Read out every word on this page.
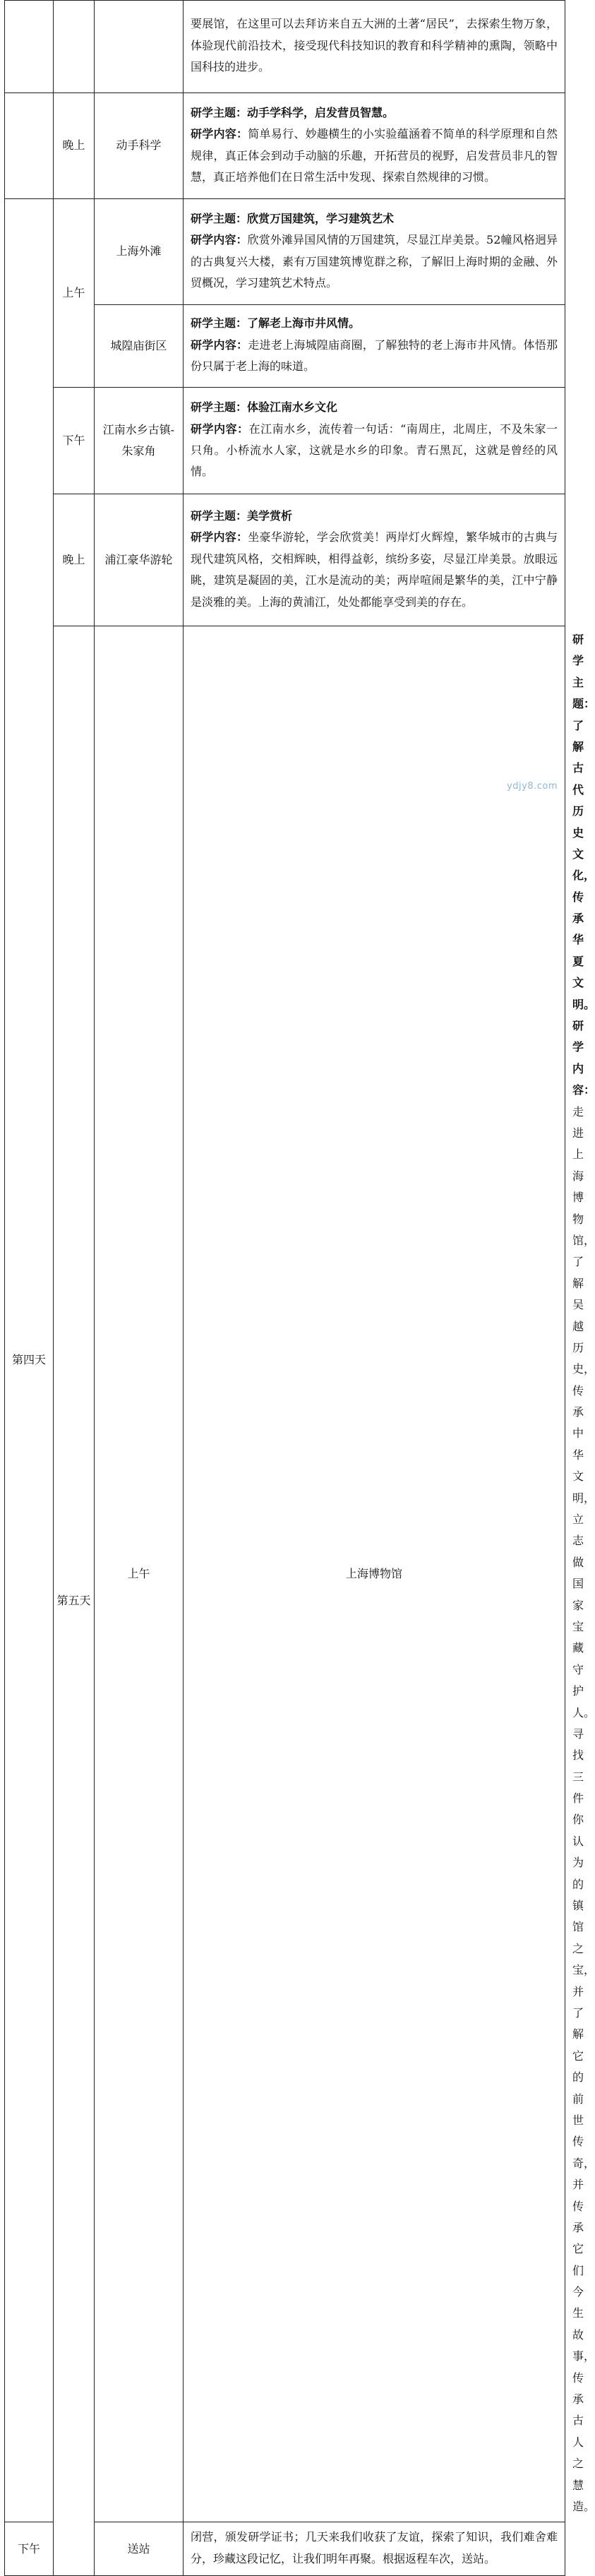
			要展馆，在这里可以去拜访来自五大洲的土著“居民”，去探索生物万象，体验现代前沿技术，接受现代科技知识的教育和科学精神的熏陶，领略中国科技的进步。	

	晚上	动手科学	研学主题：动手学科学，启发营员智慧。
研学内容：简单易行、妙趣横生的小实验蕴涵着不简单的科学原理和自然规律，真正体会到动手动脑的乐趣，开拓营员的视野，启发营员非凡的智慧，真正培养他们在日常生活中发现、探索自然规律的习惯。	

第四天	上午	上海外滩	研学主题：欣赏万国建筑，学习建筑艺术
研学内容：欣赏外滩异国风情的万国建筑，尽显江岸美景。52幢风格迥异的古典复兴大楼，素有万国建筑博览群之称，了解旧上海时期的金融、外贸概况，学习建筑艺术特点。	

		城隍庙街区	研学主题：了解老上海市井风情。
研学内容：走进老上海城隍庙商圈，了解独特的老上海市井风情。体悟那份只属于老上海的味道。	

	下午	江南水乡古镇-朱家角	研学主题：体验江南水乡文化
研学内容：在江南水乡，流传着一句话：“南周庄，北周庄，不及朱家一只角。小桥流水人家，这就是水乡的印象。青石黑瓦，这就是曾经的风情。	

	晚上	浦江豪华游轮	研学主题：美学赏析
研学内容：坐豪华游轮，学会欣赏美！两岸灯火辉煌，繁华城市的古典与现代建筑风格，交相辉映，相得益彰，缤纷多姿，尽显江岸美景。放眼远眺，建筑是凝固的美，江水是流动的美；两岸喧闹是繁华的美，江中宁静是淡雅的美。上海的黄浦江，处处都能享受到美的存在。	

	第五天	上午	上海博物馆	研学主题：了解古代历史文化，传承华夏文明。
研学内容：走进上海博物馆，了解吴越历史，传承中华文明，立志做国家宝藏守护人。寻找三件你认为的镇馆之宝，并了解它的前世传奇，并传承它们今生故事，传承古人之慧造。

下午		送站	闭营，颁发研学证书；几天来我们收获了友谊，探索了知识，我们难舍难分，珍藏这段记忆，让我们明年再聚。根据返程车次，送站。	
ydjy8.com
